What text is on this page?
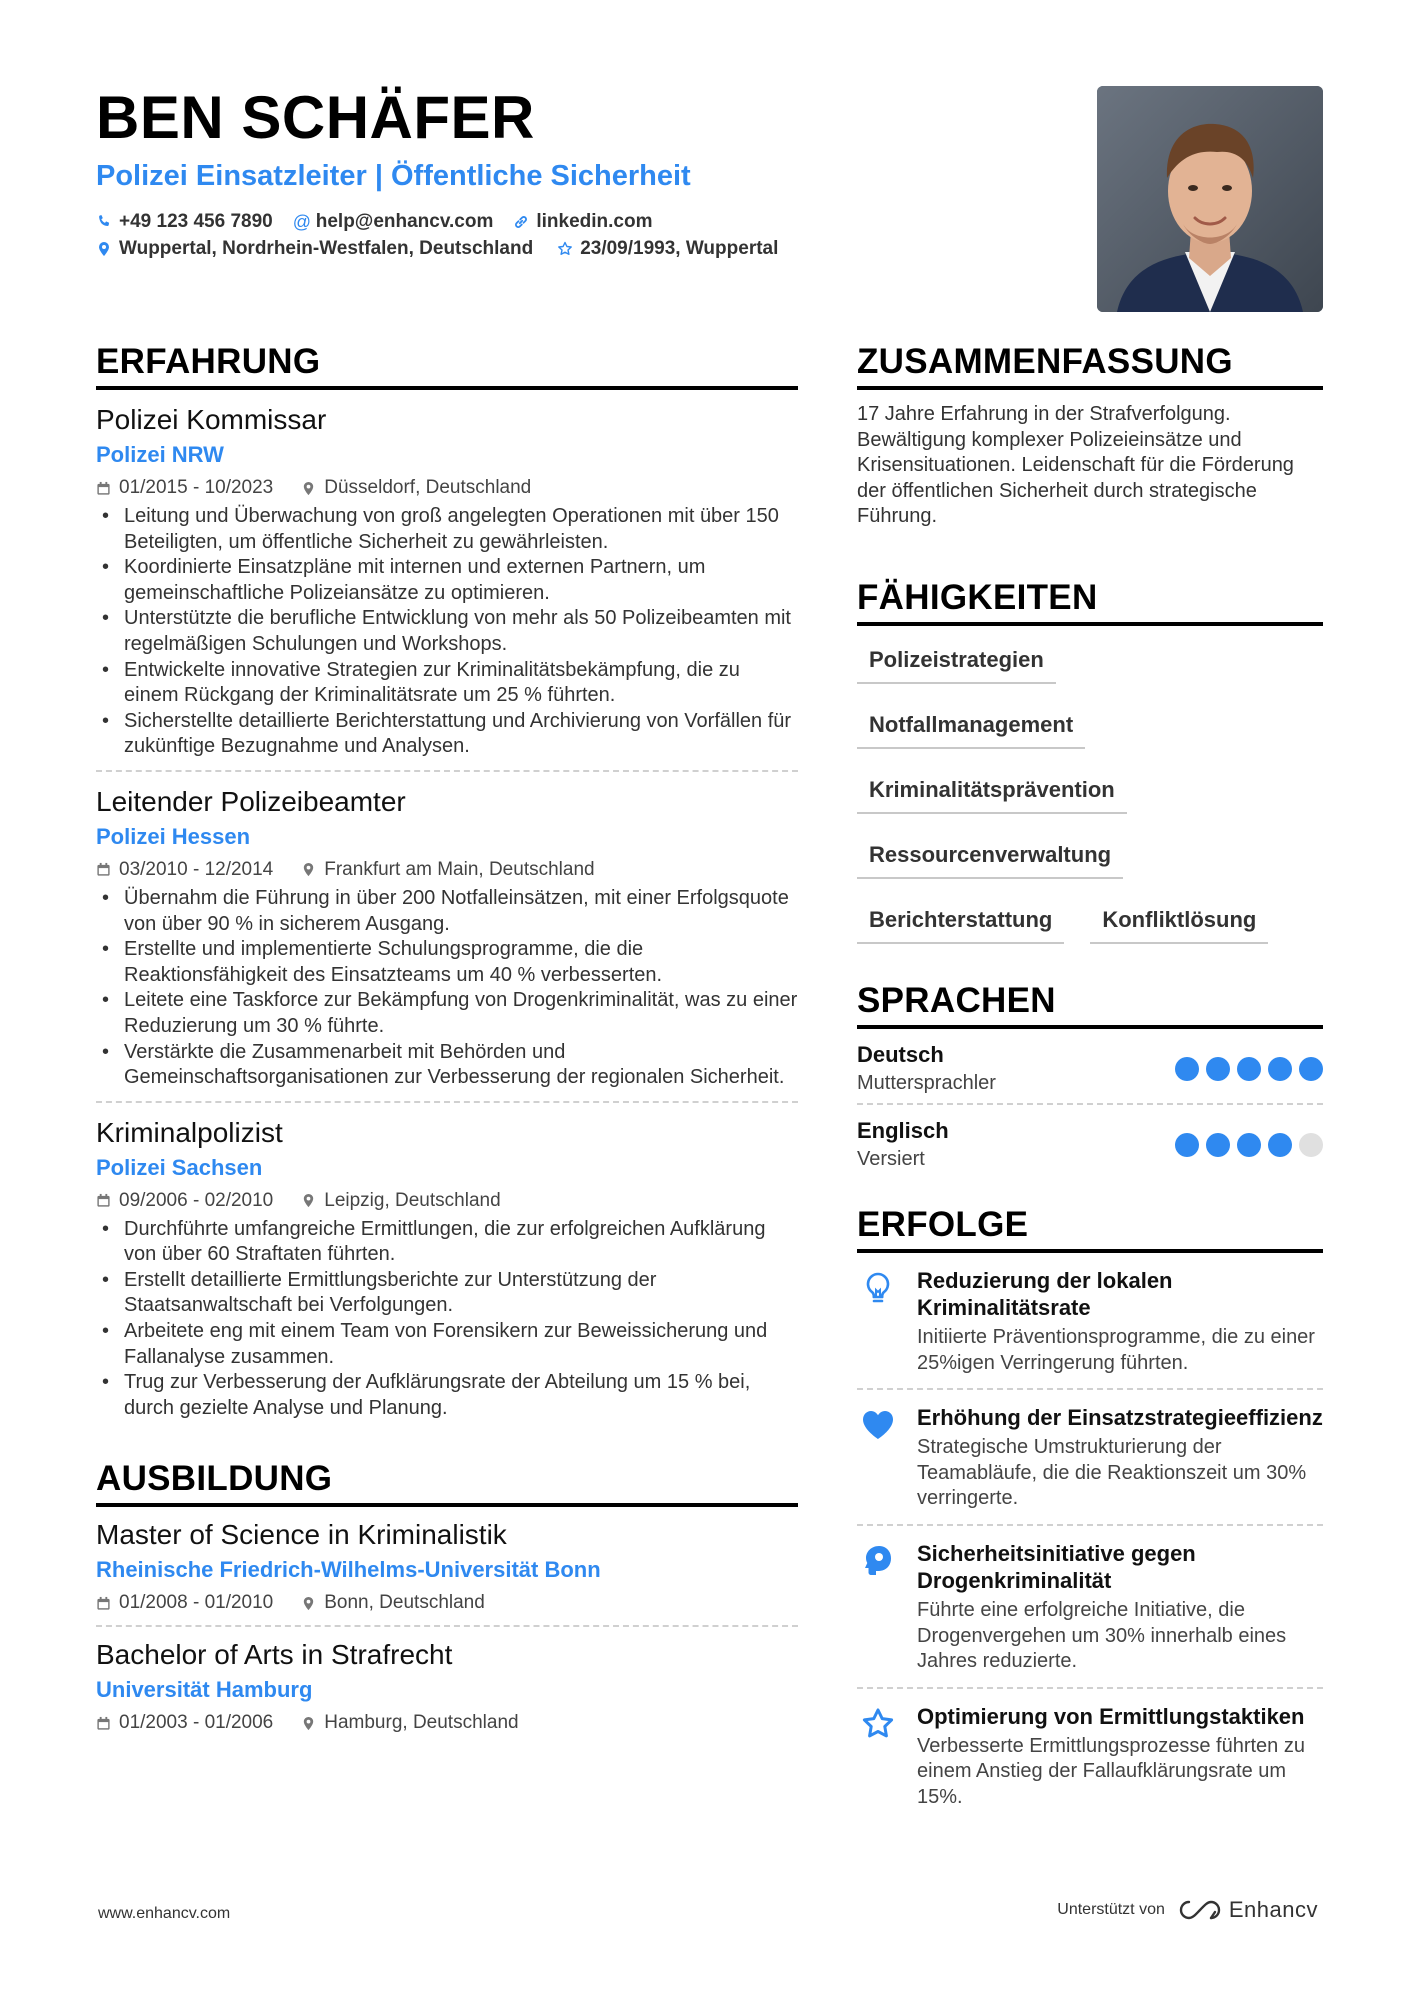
BEN SCHÄFER
Polizei Einsatzleiter | Öffentliche Sicherheit
+49 123 456 7890 @ help@enhancv.com linkedin.com
Wuppertal, Nordrhein-Westfalen, Deutschland 23/09/1993, Wuppertal
ERFAHRUNG
Polizei Kommissar
Polizei NRW
01/2015 - 10/2023	Düsseldorf, Deutschland
• Leitung und Überwachung von groß angelegten Operationen mit über 150 Beteiligten, um öffentliche Sicherheit zu gewährleisten.
• Koordinierte Einsatzpläne mit internen und externen Partnern, um gemeinschaftliche Polizeiansätze zu optimieren.
• Unterstützte die berufliche Entwicklung von mehr als 50 Polizeibeamten mit regelmäßigen Schulungen und Workshops.
• Entwickelte innovative Strategien zur Kriminalitätsbekämpfung, die zu einem Rückgang der Kriminalitätsrate um 25 % führten.
• Sicherstellte detaillierte Berichterstattung und Archivierung von Vorfällen für zukünftige Bezugnahme und Analysen.
Leitender Polizeibeamter
Polizei Hessen
03/2010 - 12/2014	Frankfurt am Main, Deutschland
• Übernahm die Führung in über 200 Notfalleinsätzen, mit einer Erfolgsquote von über 90 % in sicherem Ausgang.
• Erstellte und implementierte Schulungsprogramme, die die Reaktionsfähigkeit des Einsatzteams um 40 % verbesserten.
• Leitete eine Taskforce zur Bekämpfung von Drogenkriminalität, was zu einer Reduzierung um 30 % führte.
• Verstärkte die Zusammenarbeit mit Behörden und Gemeinschaftsorganisationen zur Verbesserung der regionalen Sicherheit.
Kriminalpolizist
Polizei Sachsen
09/2006 - 02/2010	Leipzig, Deutschland
• Durchführte umfangreiche Ermittlungen, die zur erfolgreichen Aufklärung von über 60 Straftaten führten.
• Erstellt detaillierte Ermittlungsberichte zur Unterstützung der Staatsanwaltschaft bei Verfolgungen.
• Arbeitete eng mit einem Team von Forensikern zur Beweissicherung und Fallanalyse zusammen.
• Trug zur Verbesserung der Aufklärungsrate der Abteilung um 15 % bei, durch gezielte Analyse und Planung.
AUSBILDUNG
Master of Science in Kriminalistik
Rheinische Friedrich-Wilhelms-Universität Bonn
01/2008 - 01/2010	Bonn, Deutschland
Bachelor of Arts in Strafrecht
Universität Hamburg
01/2003 - 01/2006	Hamburg, Deutschland
ZUSAMMENFASSUNG
17 Jahre Erfahrung in der Strafverfolgung. Bewältigung komplexer Polizeieinsätze und Krisensituationen. Leidenschaft für die Förderung der öffentlichen Sicherheit durch strategische Führung.
FÄHIGKEITEN
Polizeistrategien
Notfallmanagement
Kriminalitätsprävention
Ressourcenverwaltung
Berichterstattung	Konfliktlösung
SPRACHEN
Deutsch
Muttersprachler
Englisch
Versiert
ERFOLGE
Reduzierung der lokalen Kriminalitätsrate
Initiierte Präventionsprogramme, die zu einer 25%igen Verringerung führten.
Erhöhung der Einsatzstrategieeffizienz
Strategische Umstrukturierung der Teamabläufe, die die Reaktionszeit um 30% verringerte.
Sicherheitsinitiative gegen Drogenkriminalität
Führte eine erfolgreiche Initiative, die Drogenvergehen um 30% innerhalb eines Jahres reduzierte.
Optimierung von Ermittlungstaktiken
Verbesserte Ermittlungsprozesse führten zu einem Anstieg der Fallaufklärungsrate um 15%.
www.enhancv.com	Unterstützt von	Enhancv
